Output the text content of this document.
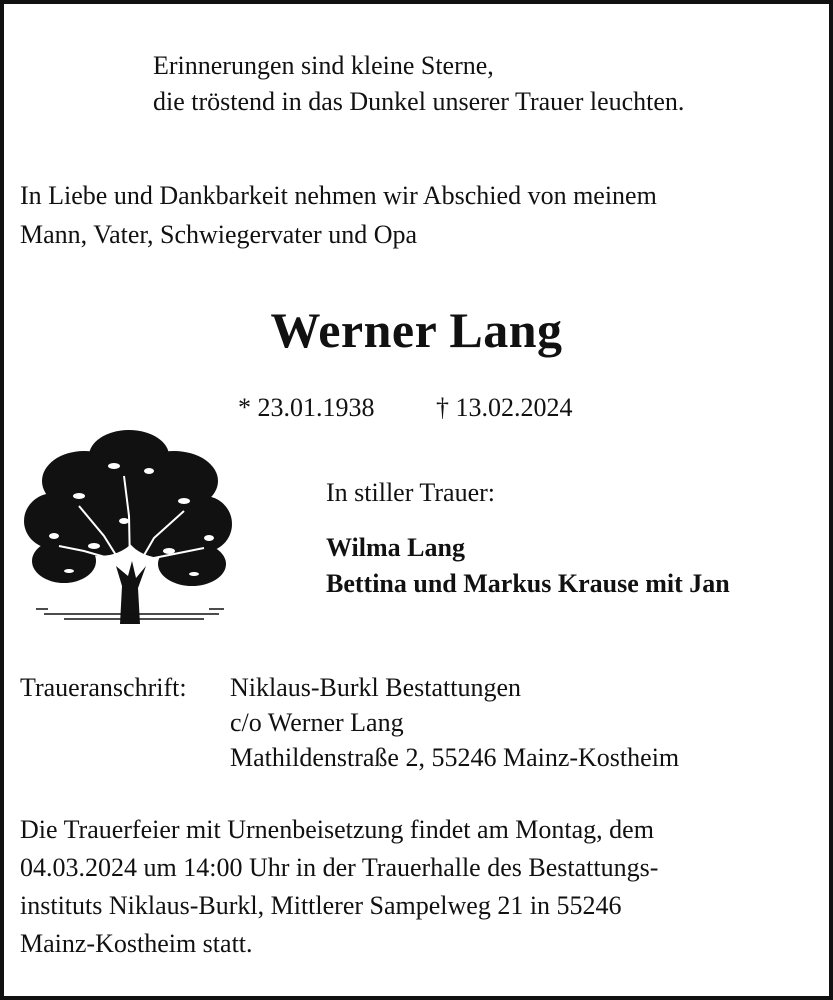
Erinnerungen sind kleine Sterne,
die tröstend in das Dunkel unserer Trauer leuchten.
In Liebe und Dankbarkeit nehmen wir Abschied von meinem
Mann, Vater, Schwiegervater und Opa
Werner Lang
* 23.01.1938 † 13.02.2024
In stiller Trauer:
Wilma Lang
Bettina und Markus Krause mit Jan
Traueranschrift: Niklaus-Burkl Bestattungen
c/o Werner Lang
Mathildenstraße 2, 55246 Mainz-Kostheim
Die Trauerfeier mit Urnenbeisetzung findet am Montag, dem
04.03.2024 um 14:00 Uhr in der Trauerhalle des Bestattungs-
instituts Niklaus-Burkl, Mittlerer Sampelweg 21 in 55246
Mainz-Kostheim statt.
